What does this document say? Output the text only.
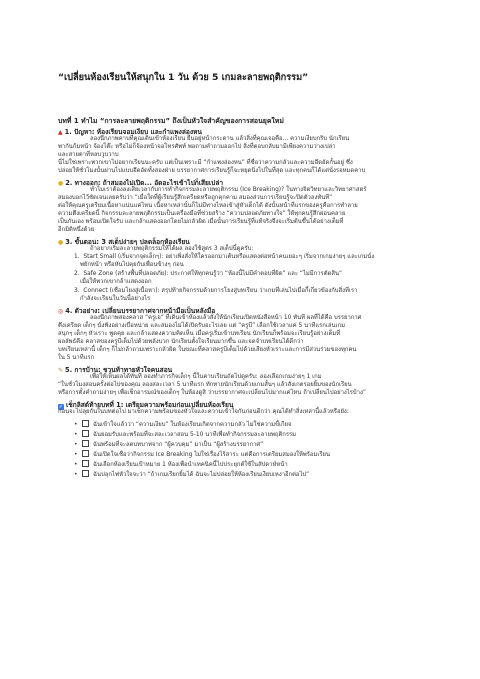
“เปลี่ยนห้องเรียนให้สนุกใน 1 วัน ด้วย 5 เกมละลายพฤติกรรม”
บทที่ 1 ทำไม “การละลายพฤติกรรม” ถึงเป็นหัวใจสำคัญของการสอนยุคใหม่
▲ 1. ปัญหา: ห้องเรียนจอมเงียบ และกำแพงล่องหน
ลองนึกภาพคาบที่คุณเดินเข้าห้องเรียน ยืนอยู่หน้ากระดาน แล้วสิ่งที่คุณเจอคือ... ความเงียบกริบ นักเรียน
พากันก้มหน้า จ้องโต๊ะ หรือไม่ก็จ้องหน้าจอโทรศัพท์ พอถามคำถามออกไป สิ่งที่ตอบกลับมามีเพียงความว่างเปล่า
และสายตาที่หลบวูบวาบ
นี่ไม่ใช่เพราะพวกเขาไม่อยากเรียนนะครับ แต่เป็นเพราะมี “กำแพงล่องหน” ที่ชื่อว่าความกลัวและความอึดอัดกั้นอยู่ ซึ่ง
ปล่อยให้ชั่วโมงนั้นผ่านไปแบบอึดอัดทั้งสองฝ่าย บรรยากาศการเรียนรู้ก็จะหยุดนิ่งไปในที่สุด และทุกคนก็ได้แต่นั่งรอหมดคาบ
● 2. ทางออก: ถ้าสมองไม่เปิด... อัดอะไรเข้าไปก็เสียเปล่า
ทำไมเราต้องลงเสียเวลากับการทำกิจกรรมละลายพฤติกรรม (Ice Breaking)? ในทางจิตวิทยาและวิทยาศาสตร์
สมองบอกไว้ชัดเจนเลยครับว่า “เมื่อใดที่ผู้เรียนรู้สึกเครียดหรือถูกคุกคาม สมองส่วนการเรียนรู้จะปิดตัวลงทันที”
ต่อให้คุณครูเตรียมเนื้อหาแน่นแค่ไหน เนื้อหาเหล่านั้นก็ไม่มีทางไหลเข้าสู่หัวเด็กได้ ดังนั้นหน้าที่แรกของครูคือการทำลาย
ความตึงเครียดนี้ กิจกรรมละลายพฤติกรรมเป็นเครื่องมือที่ช่วยสร้าง “ความปลอดภัยทางใจ” ให้ทุกคนรู้สึกผ่อนคลาย
เป็นกันเอง พร้อมเปิดใจรับ และกล้าแสดงออกโดยไม่กลัวผิด เมื่อนั้นการเรียนรู้ที่แท้จริงจึงจะเริ่มต้นขึ้นได้อย่างเต็มที่
อีกมิติหนึ่งด้วย
● 3. ขั้นตอน: 3 สเต็ปง่ายๆ ปลดล็อกห้องเรียน
ถ้าอยากเริ่มละลายพฤติกรรมให้ได้ผล ลองใช้สูตร 3 สเต็ปนี้ดูครับ:
1.  Start Small (เริ่มจากจุดเล็กๆ): อย่าเพิ่งสั่งให้ใครออกมาเต้นหรือแสดงต่อหน้าคนเยอะๆ เริ่มจากเกมง่ายๆ และเกมนั่ง
พยักหน้า หรือหันไปคุยกับเพื่อนข้างๆ ก่อน
2.  Safe Zone (สร้างพื้นที่ปลอดภัย): ประกาศให้ทุกคนรู้ว่า “ห้องนี้ไม่มีคำตอบที่ผิด” และ “ไม่มีการตัดสิน”
เมื่อให้พวกเขากล้าแสดงออก
3.  Connect (เชื่อมโยงสู่เนื้อหา): สรุปท้ายกิจกรรมด้วยการโยงสู่บทเรียน ว่าเกมที่เล่นไปเมื่อกี้เกี่ยวข้องกับสิ่งที่เรา
กำลังจะเรียนในวันนี้อย่างไร
◎ 4. ตัวอย่าง: เปลี่ยนบรรยากาศจากหน้ามือเป็นหลังมือ
ลองนึกภาพสองคลาส “ครูเอ” ที่เดินเข้าห้องแล้วสั่งให้นักเรียนเปิดหนังสือหน้า 10 ทันที ผลที่ได้คือ บรรยากาศ
ตึงเครียด เด็กๆ นั่งฟังอย่างเบื่อหน่าย และสมองไม่ได้เปิดรับอะไรเลย แต่ “ครูบี” เลือกใช้เวลาแค่ 5 นาทีแรกเล่นเกม
สนุกๆ เด็กๆ หัวเราะ พูดคุย และกล้าแสดงความคิดเห็น เมื่อครูเริ่มเข้าบทเรียน นักเรียนก็พร้อมจะเรียนรู้อย่างเต็มที่
ผลลัพธ์คือ คลาสของครูบีเต็มไปด้วยพลังบวก นักเรียนตั้งใจเรียนมากขึ้น และจดจำบทเรียนได้ดีกว่า
บทเรียนเหล่านี้ เด็กๆ ก็ไม่กล้าถามเพราะกลัวผิด ในขณะที่คลาสครูบีเต็มไปด้วยเสียงหัวเราะและการมีส่วนร่วมของทุกคน
ใน 5 นาทีแรก
✎ 5. การบ้าน: ชวนท้าทายหัวใจคนสอน
เพื่อให้เห็นผลได้ทันที ลองทำภารกิจเล็กๆ นี้ในคาบเรียนถัดไปดูครับ: ลองเลือกเกมง่ายๆ 1 เกม
“ในชั่วโมงสอนครั้งต่อไปของคุณ ลองสละเวลา 5 นาทีแรก ทักทายนักเรียนด้วยเกมสั้นๆ แล้วสังเกตรอยยิ้มของนักเรียน
หรือการตั้งคำถามง่ายๆ เพื่อเช็กอารมณ์ของเด็กๆ ในห้องดูสิ ว่าบรรยากาศจะเปลี่ยนไปมากแค่ไหน ถ้าเปลี่ยนไปอย่างไรบ้าง”
✓ เช็กลิสต์ท้ายบทที่ 1: เตรียมความพร้อมก่อนเปลี่ยนห้องเรียน
ก่อนจะไปลุยกันในบทต่อไป มาเช็กความพร้อมของหัวใจและความเข้าใจกันก่อนดีกว่า คุณได้ทำสิ่งเหล่านี้แล้วหรือยัง:
•	ฉันเข้าใจแล้วว่า “ความเงียบ” ในห้องเรียนเกิดจากความกลัว ไม่ใช่ความขี้เกียจ
•	ฉันยอมรับและพร้อมที่จะสละเวลาสอน 5-10 นาทีเพื่อทำกิจกรรมละลายพฤติกรรม
•	ฉันพร้อมที่จะลดบทบาทจาก “ผู้ควบคุม” มาเป็น “ผู้สร้างบรรยากาศ”
•	ฉันเปิดใจเชื่อว่ากิจกรรม Ice Breaking ไม่ใช่เรื่องไร้สาระ แต่คือการเตรียมสมองให้พร้อมเรียน
•	ฉันเลือกห้องเรียนเป้าหมาย 1 ห้องเพื่อนำเทคนิคนี้ไปประยุกต์ใช้ในสัปดาห์หน้า
•	ฉันปลุกไฟหัวใจจะว่า “ถ้าเกมเรียกยิ้มได้ ฉันจะไม่ปล่อยให้ห้องเรียนเงียบเหงาอีกต่อไป”
